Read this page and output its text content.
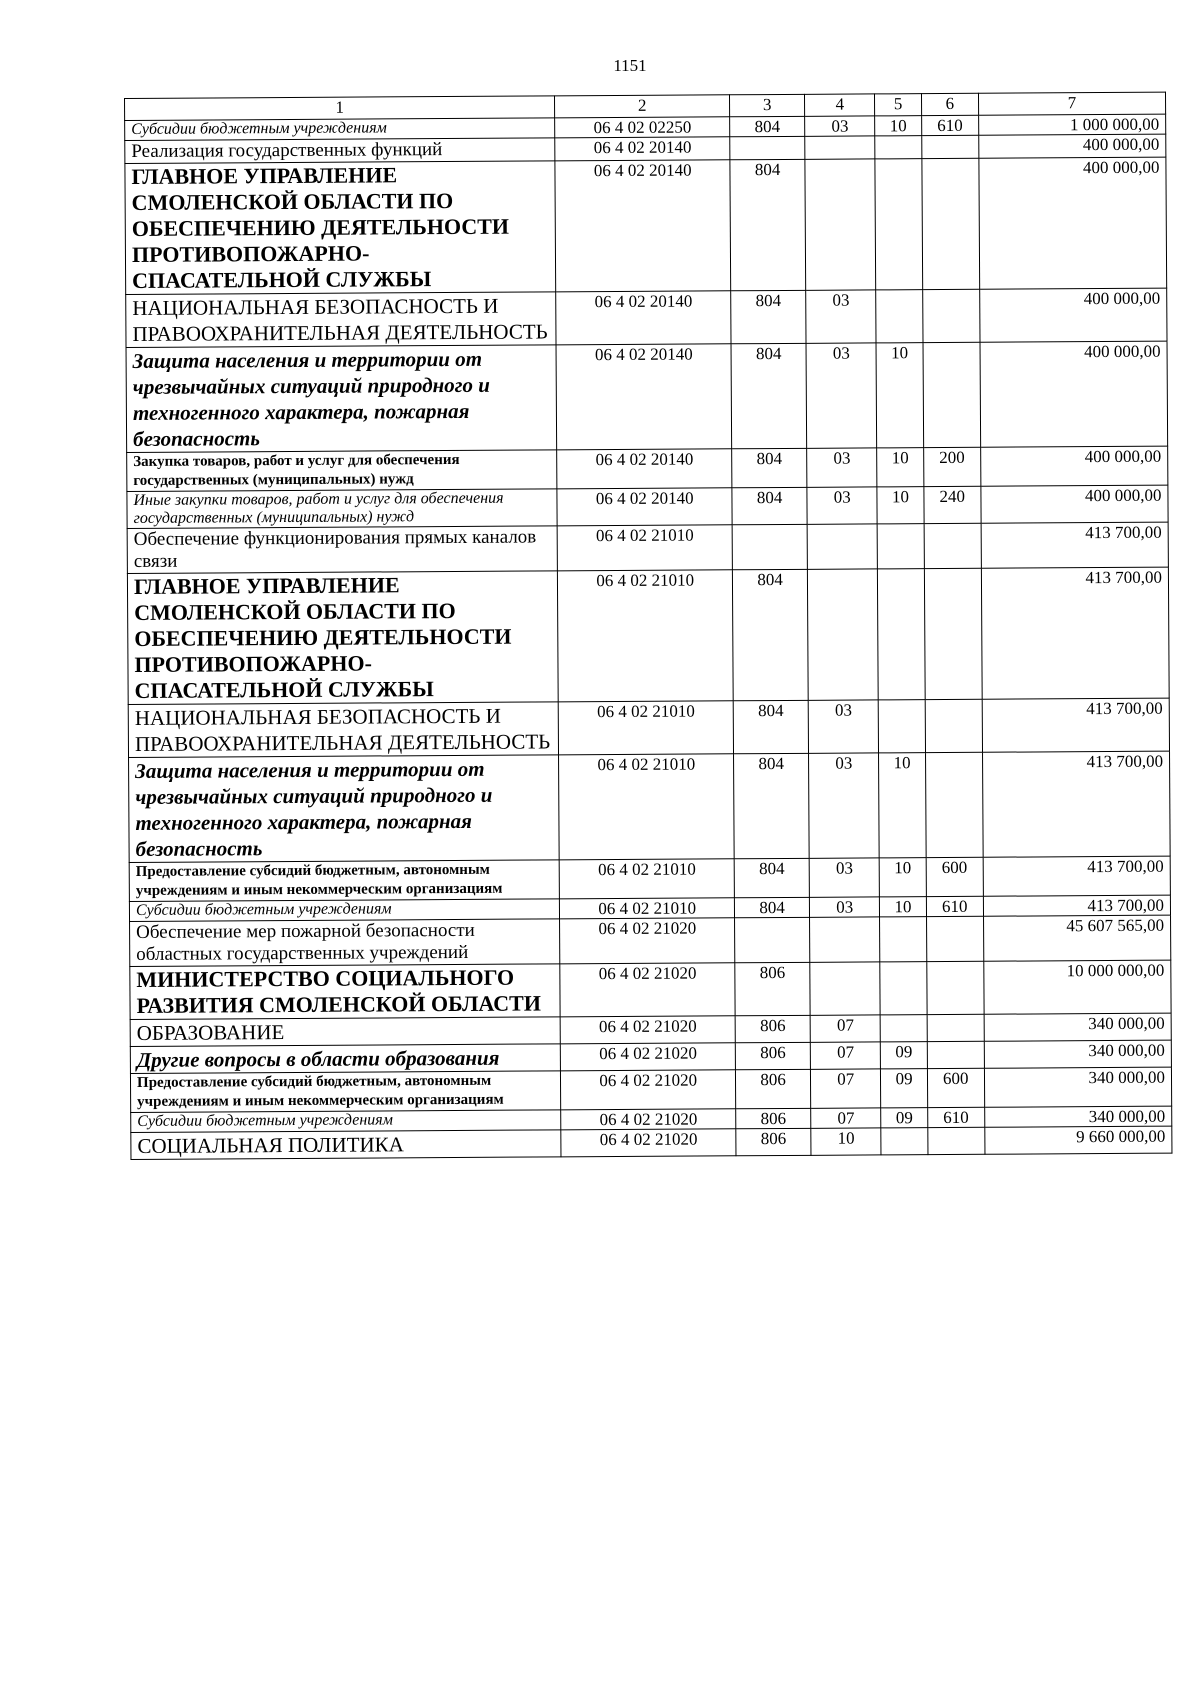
1151
1	2	3	4	5	6	7
Субсидии бюджетным учреждениям	06 4 02 02250	804	03	10	610	1 000 000,00
Реализация государственных функций	06 4 02 20140					400 000,00
ГЛАВНОЕ УПРАВЛЕНИЕ СМОЛЕНСКОЙ ОБЛАСТИ ПО ОБЕСПЕЧЕНИЮ ДЕЯТЕЛЬНОСТИ ПРОТИВОПОЖАРНО-СПАСАТЕЛЬНОЙ СЛУЖБЫ	06 4 02 20140	804				400 000,00
НАЦИОНАЛЬНАЯ БЕЗОПАСНОСТЬ И ПРАВООХРАНИТЕЛЬНАЯ ДЕЯТЕЛЬНОСТЬ	06 4 02 20140	804	03			400 000,00
Защита населения и территории от чрезвычайных ситуаций природного и техногенного характера, пожарная безопасность	06 4 02 20140	804	03	10		400 000,00
Закупка товаров, работ и услуг для обеспечения государственных (муниципальных) нужд	06 4 02 20140	804	03	10	200	400 000,00
Иные закупки товаров, работ и услуг для обеспечения государственных (муниципальных) нужд	06 4 02 20140	804	03	10	240	400 000,00
Обеспечение функционирования прямых каналов связи	06 4 02 21010					413 700,00
ГЛАВНОЕ УПРАВЛЕНИЕ СМОЛЕНСКОЙ ОБЛАСТИ ПО ОБЕСПЕЧЕНИЮ ДЕЯТЕЛЬНОСТИ ПРОТИВОПОЖАРНО-СПАСАТЕЛЬНОЙ СЛУЖБЫ	06 4 02 21010	804				413 700,00
НАЦИОНАЛЬНАЯ БЕЗОПАСНОСТЬ И ПРАВООХРАНИТЕЛЬНАЯ ДЕЯТЕЛЬНОСТЬ	06 4 02 21010	804	03			413 700,00
Защита населения и территории от чрезвычайных ситуаций природного и техногенного характера, пожарная безопасность	06 4 02 21010	804	03	10		413 700,00
Предоставление субсидий бюджетным, автономным учреждениям и иным некоммерческим организациям	06 4 02 21010	804	03	10	600	413 700,00
Субсидии бюджетным учреждениям	06 4 02 21010	804	03	10	610	413 700,00
Обеспечение мер пожарной безопасности областных государственных учреждений	06 4 02 21020					45 607 565,00
МИНИСТЕРСТВО СОЦИАЛЬНОГО РАЗВИТИЯ СМОЛЕНСКОЙ ОБЛАСТИ	06 4 02 21020	806				10 000 000,00
ОБРАЗОВАНИЕ	06 4 02 21020	806	07			340 000,00
Другие вопросы в области образования	06 4 02 21020	806	07	09		340 000,00
Предоставление субсидий бюджетным, автономным учреждениям и иным некоммерческим организациям	06 4 02 21020	806	07	09	600	340 000,00
Субсидии бюджетным учреждениям	06 4 02 21020	806	07	09	610	340 000,00
СОЦИАЛЬНАЯ ПОЛИТИКА	06 4 02 21020	806	10			9 660 000,00
